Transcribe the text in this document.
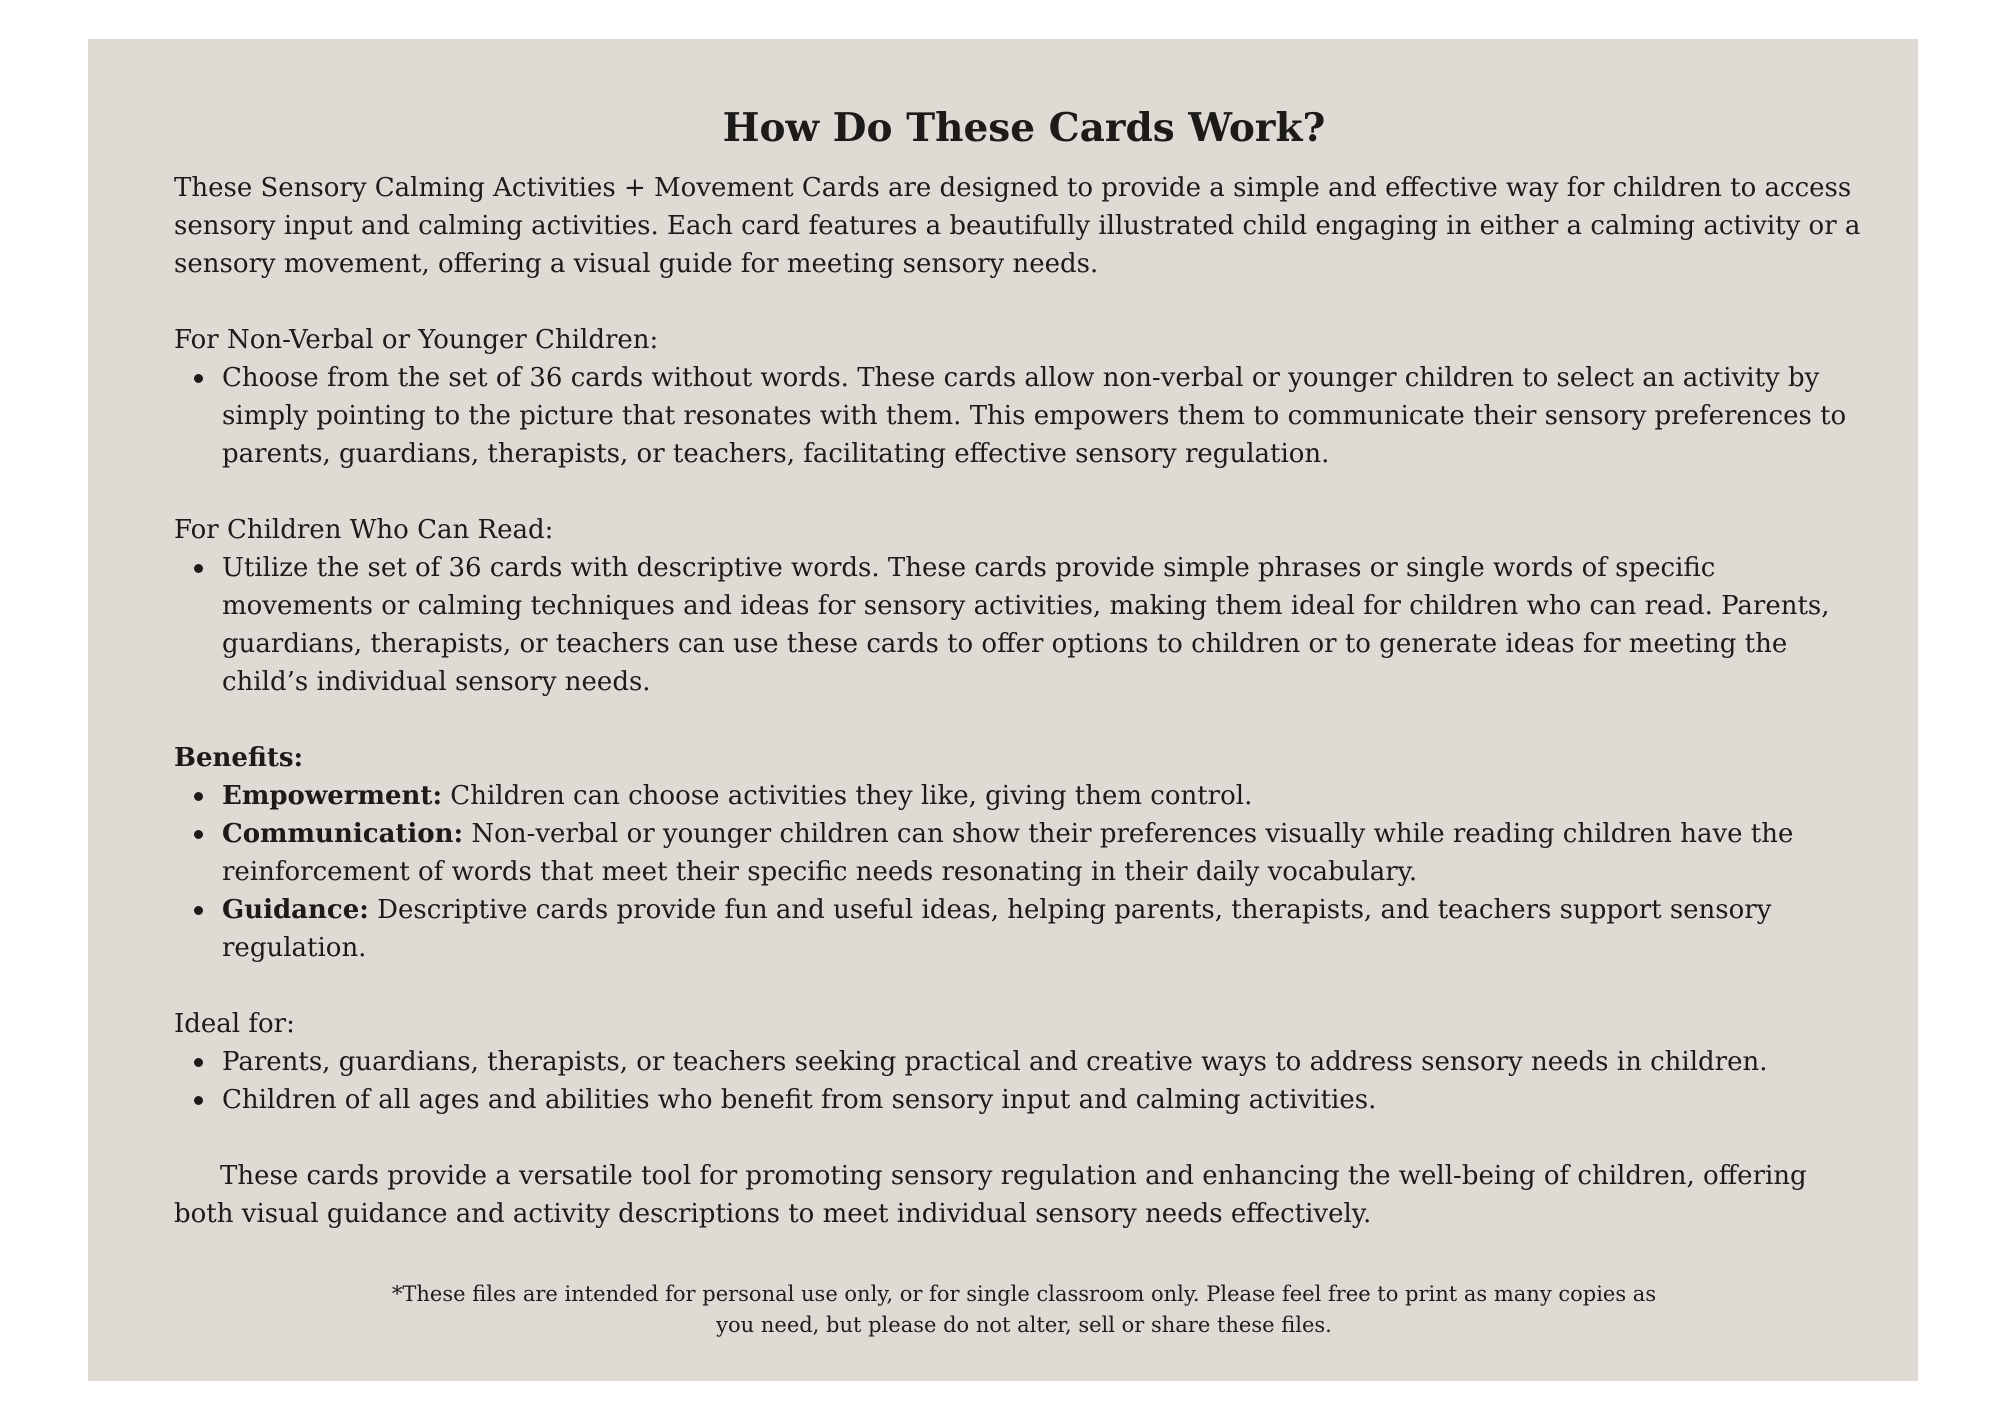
How Do These Cards Work?

These Sensory Calming Activities + Movement Cards are designed to provide a simple and effective way for children to access sensory input and calming activities. Each card features a beautifully illustrated child engaging in either a calming activity or a sensory movement, offering a visual guide for meeting sensory needs.

For Non-Verbal or Younger Children:

Choose from the set of 36 cards without words. These cards allow non-verbal or younger children to select an activity by simply pointing to the picture that resonates with them. This empowers them to communicate their sensory preferences to parents, guardians, therapists, or teachers, facilitating effective sensory regulation.

For Children Who Can Read:

Utilize the set of 36 cards with descriptive words. These cards provide simple phrases or single words of specific movements or calming techniques and ideas for sensory activities, making them ideal for children who can read. Parents, guardians, therapists, or teachers can use these cards to offer options to children or to generate ideas for meeting the child’s individual sensory needs.

Benefits:

Empowerment: Children can choose activities they like, giving them control.
Communication: Non-verbal or younger children can show their preferences visually while reading children have the reinforcement of words that meet their specific needs resonating in their daily vocabulary.
Guidance: Descriptive cards provide fun and useful ideas, helping parents, therapists, and teachers support sensory regulation.

Ideal for:

Parents, guardians, therapists, or teachers seeking practical and creative ways to address sensory needs in children.
Children of all ages and abilities who benefit from sensory input and calming activities.

These cards provide a versatile tool for promoting sensory regulation and enhancing the well-being of children, offering both visual guidance and activity descriptions to meet individual sensory needs effectively.

*These files are intended for personal use only, or for single classroom only. Please feel free to print as many copies as you need, but please do not alter, sell or share these files.
